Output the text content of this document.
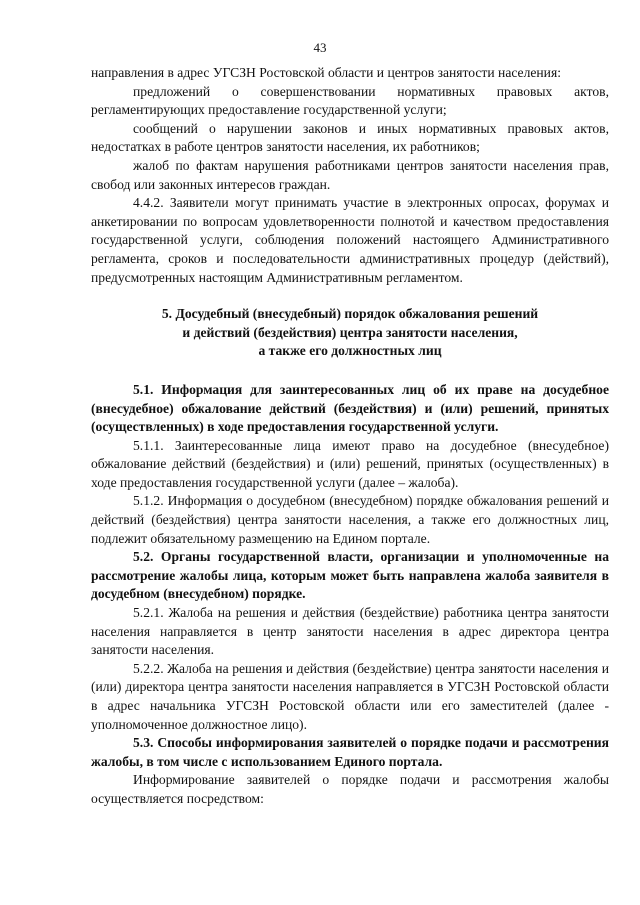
43

направления в адрес УГСЗН Ростовской области и центров занятости населения:

предложений о совершенствовании нормативных правовых актов, регламентирующих предоставление государственной услуги;

сообщений о нарушении законов и иных нормативных правовых актов, недостатках в работе центров занятости населения, их работников;

жалоб по фактам нарушения работниками центров занятости населения прав, свобод или законных интересов граждан.

4.4.2. Заявители могут принимать участие в электронных опросах, форумах и анкетировании по вопросам удовлетворенности полнотой и качеством предоставления государственной услуги, соблюдения положений настоящего Административного регламента, сроков и последовательности административных процедур (действий), предусмотренных настоящим Административным регламентом.

5. Досудебный (внесудебный) порядок обжалования решений
и действий (бездействия) центра занятости населения,
а также его должностных лиц

5.1. Информация для заинтересованных лиц об их праве на досудебное (внесудебное) обжалование действий (бездействия) и (или) решений, принятых (осуществленных) в ходе предоставления государственной услуги.

5.1.1. Заинтересованные лица имеют право на досудебное (внесудебное) обжалование действий (бездействия) и (или) решений, принятых (осуществленных) в ходе предоставления государственной услуги (далее – жалоба).

5.1.2. Информация о досудебном (внесудебном) порядке обжалования решений и действий (бездействия) центра занятости населения, а также его должностных лиц, подлежит обязательному размещению на Едином портале.

5.2. Органы государственной власти, организации и уполномоченные на рассмотрение жалобы лица, которым может быть направлена жалоба заявителя в досудебном (внесудебном) порядке.

5.2.1. Жалоба на решения и действия (бездействие) работника центра занятости населения направляется в центр занятости населения в адрес директора центра занятости населения.

5.2.2. Жалоба на решения и действия (бездействие) центра занятости населения и (или) директора центра занятости населения направляется в УГСЗН Ростовской области в адрес начальника УГСЗН Ростовской области или его заместителей (далее - уполномоченное должностное лицо).

5.3. Способы информирования заявителей о порядке подачи и рассмотрения жалобы, в том числе с использованием Единого портала.

Информирование заявителей о порядке подачи и рассмотрения жалобы осуществляется посредством:
